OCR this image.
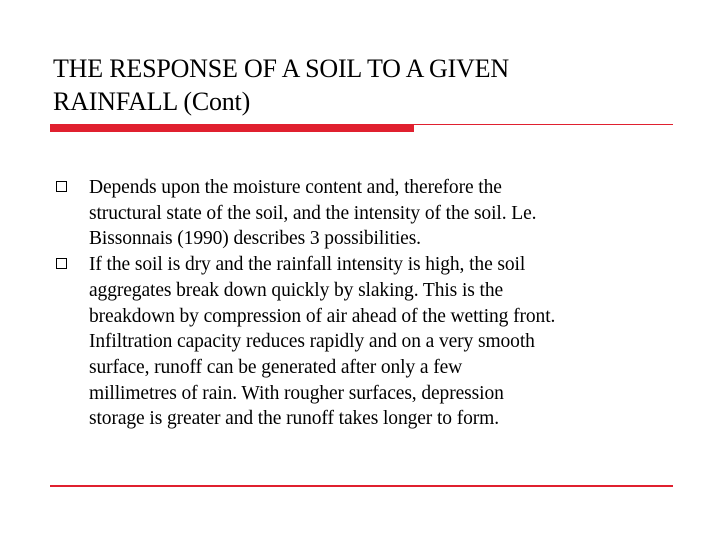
THE RESPONSE OF A SOIL TO A GIVEN
RAINFALL (Cont)
Depends upon the moisture content and, therefore the
structural state of the soil, and the intensity of the soil. Le.
Bissonnais (1990) describes 3 possibilities.
If the soil is dry and the rainfall intensity is high, the soil
aggregates break down quickly by slaking. This is the
breakdown by compression of air ahead of the wetting front.
Infiltration capacity reduces rapidly and on a very smooth
surface, runoff can be generated after only a few
millimetres of rain. With rougher surfaces, depression
storage is greater and the runoff takes longer to form.
